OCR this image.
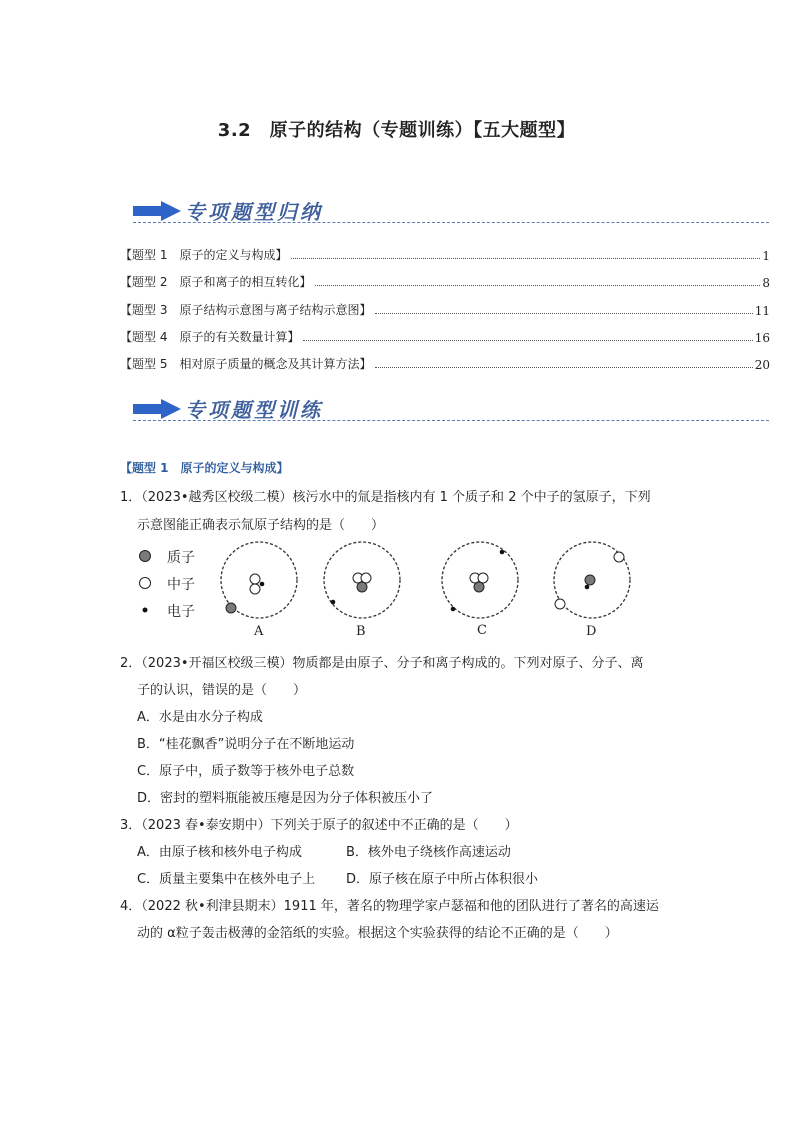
3.2　原子的结构（专题训练）【五大题型】
专项题型归纳
【题型 1　原子的定义与构成】	1
【题型 2　原子和离子的相互转化】	8
【题型 3　原子结构示意图与离子结构示意图】	11
【题型 4　原子的有关数量计算】	16
【题型 5　相对原子质量的概念及其计算方法】	20
专项题型训练
【题型 1　原子的定义与构成】
1．（2023•越秀区校级二模）核污水中的氚是指核内有 1 个质子和 2 个中子的氢原子，下列
示意图能正确表示氚原子结构的是（　　）
质子
中子
电子
A	B	C	D
2．（2023•开福区校级三模）物质都是由原子、分子和离子构成的。下列对原子、分子、离
子的认识，错误的是（　　）
A．水是由水分子构成
B．“桂花飘香”说明分子在不断地运动
C．原子中，质子数等于核外电子总数
D．密封的塑料瓶能被压瘪是因为分子体积被压小了
3．（2023 春•泰安期中）下列关于原子的叙述中不正确的是（　　）
A．由原子核和核外电子构成	B．核外电子绕核作高速运动
C．质量主要集中在核外电子上 D．原子核在原子中所占体积很小
4．（2022 秋•利津县期末）1911 年，著名的物理学家卢瑟福和他的团队进行了著名的高速运
动的 α粒子轰击极薄的金箔纸的实验。根据这个实验获得的结论不正确的是（　　）
